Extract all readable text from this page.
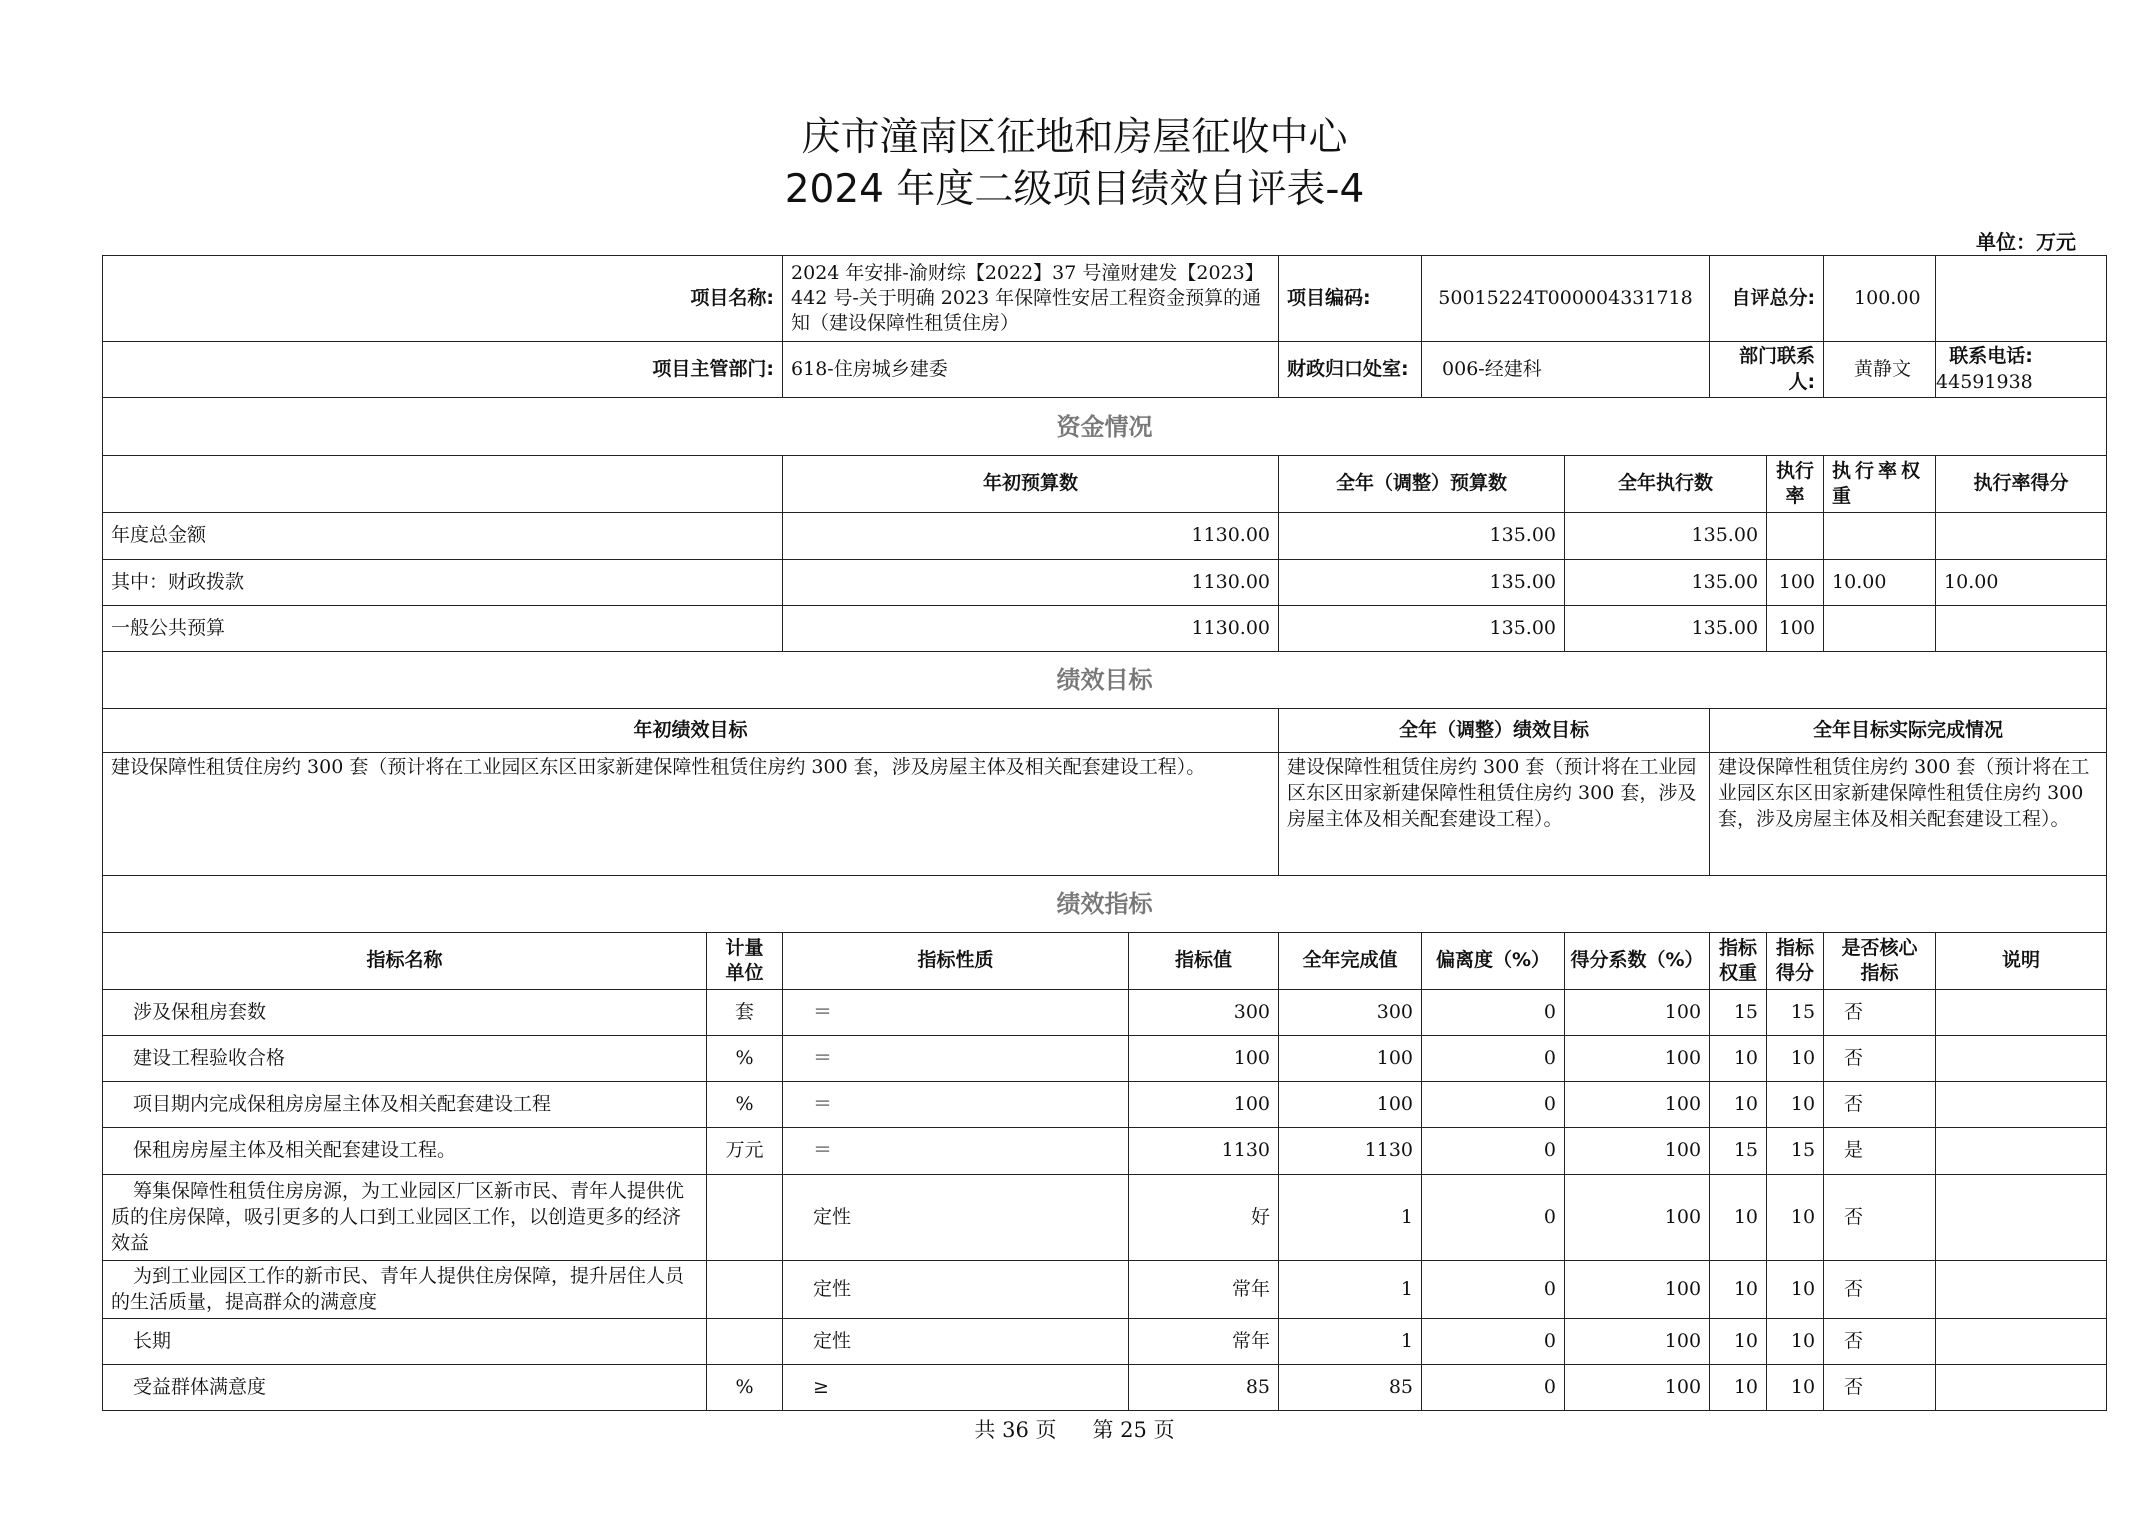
庆市潼南区征地和房屋征收中心
2024 年度二级项目绩效自评表-4
单位：万元
项目名称:		2024 年安排-渝财综【2022】37 号潼财建发【2023】442 号-关于明确 2023 年保障性安居工程资金预算的通知（建设保障性租赁住房）		项目编码:	50015224T000004331718		自评总分:		100.00	
项目主管部门:		618-住房城乡建委		财政归口处室:	006-经建科		部门联系人:		黄静文	联系电话:44591938
资金情况										
		年初预算数		全年（调整）预算数		全年执行数		执行率	执行率权重	执行率得分
年度总金额		1130.00		135.00		135.00				
其中：财政拨款		1130.00		135.00		135.00		100	10.00	10.00
一般公共预算		1130.00		135.00		135.00		100		
绩效目标										
年初绩效目标				全年（调整）绩效目标			全年目标实际完成情况			
建设保障性租赁住房约 300 套（预计将在工业园区东区田家新建保障性租赁住房约 300 套，涉及房屋主体及相关配套建设工程）。				建设保障性租赁住房约 300 套（预计将在工业园区东区田家新建保障性租赁住房约 300 套，涉及房屋主体及相关配套建设工程）。			建设保障性租赁住房约 300 套（预计将在工业园区东区田家新建保障性租赁住房约 300 套，涉及房屋主体及相关配套建设工程）。			
绩效指标										
指标名称	计量单位	指标性质	指标值	全年完成值	偏离度（%）	得分系数（%）	指标权重	指标得分	是否核心指标	说明
涉及保租房套数	套	＝	300	300	0	100	15	15	否	
建设工程验收合格	%	＝	100	100	0	100	10	10	否	
项目期内完成保租房房屋主体及相关配套建设工程	%	＝	100	100	0	100	10	10	否	
保租房房屋主体及相关配套建设工程。	万元	＝	1130	1130	0	100	15	15	是	
筹集保障性租赁住房房源，为工业园区厂区新市民、青年人提供优质的住房保障，吸引更多的人口到工业园区工作，以创造更多的经济效益		定性	好	1	0	100	10	10	否	
为到工业园区工作的新市民、青年人提供住房保障，提升居住人员的生活质量，提高群众的满意度		定性	常年	1	0	100	10	10	否	
长期		定性	常年	1	0	100	10	10	否	
受益群体满意度	%	≥	85	85	0	100	10	10	否	
共 36 页 第 25 页
